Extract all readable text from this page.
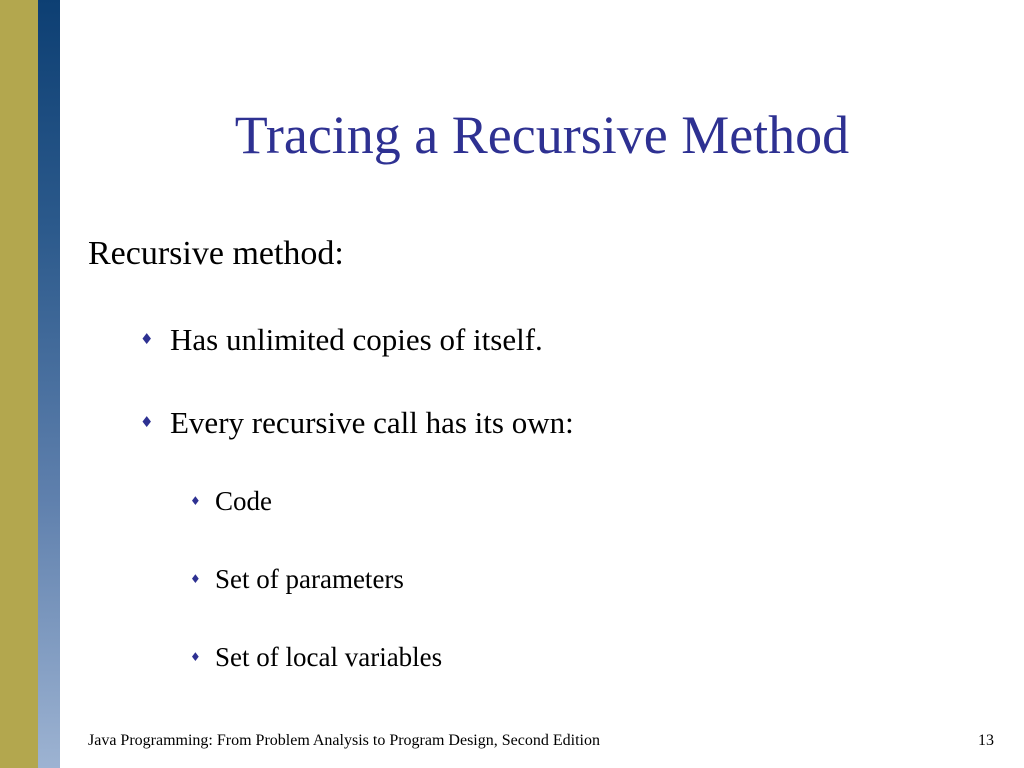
Tracing a Recursive Method
Recursive method:
♦ Has unlimited copies of itself.
♦ Every recursive call has its own:
♦ Code
♦ Set of parameters
♦ Set of local variables
Java Programming: From Problem Analysis to Program Design, Second Edition	13
